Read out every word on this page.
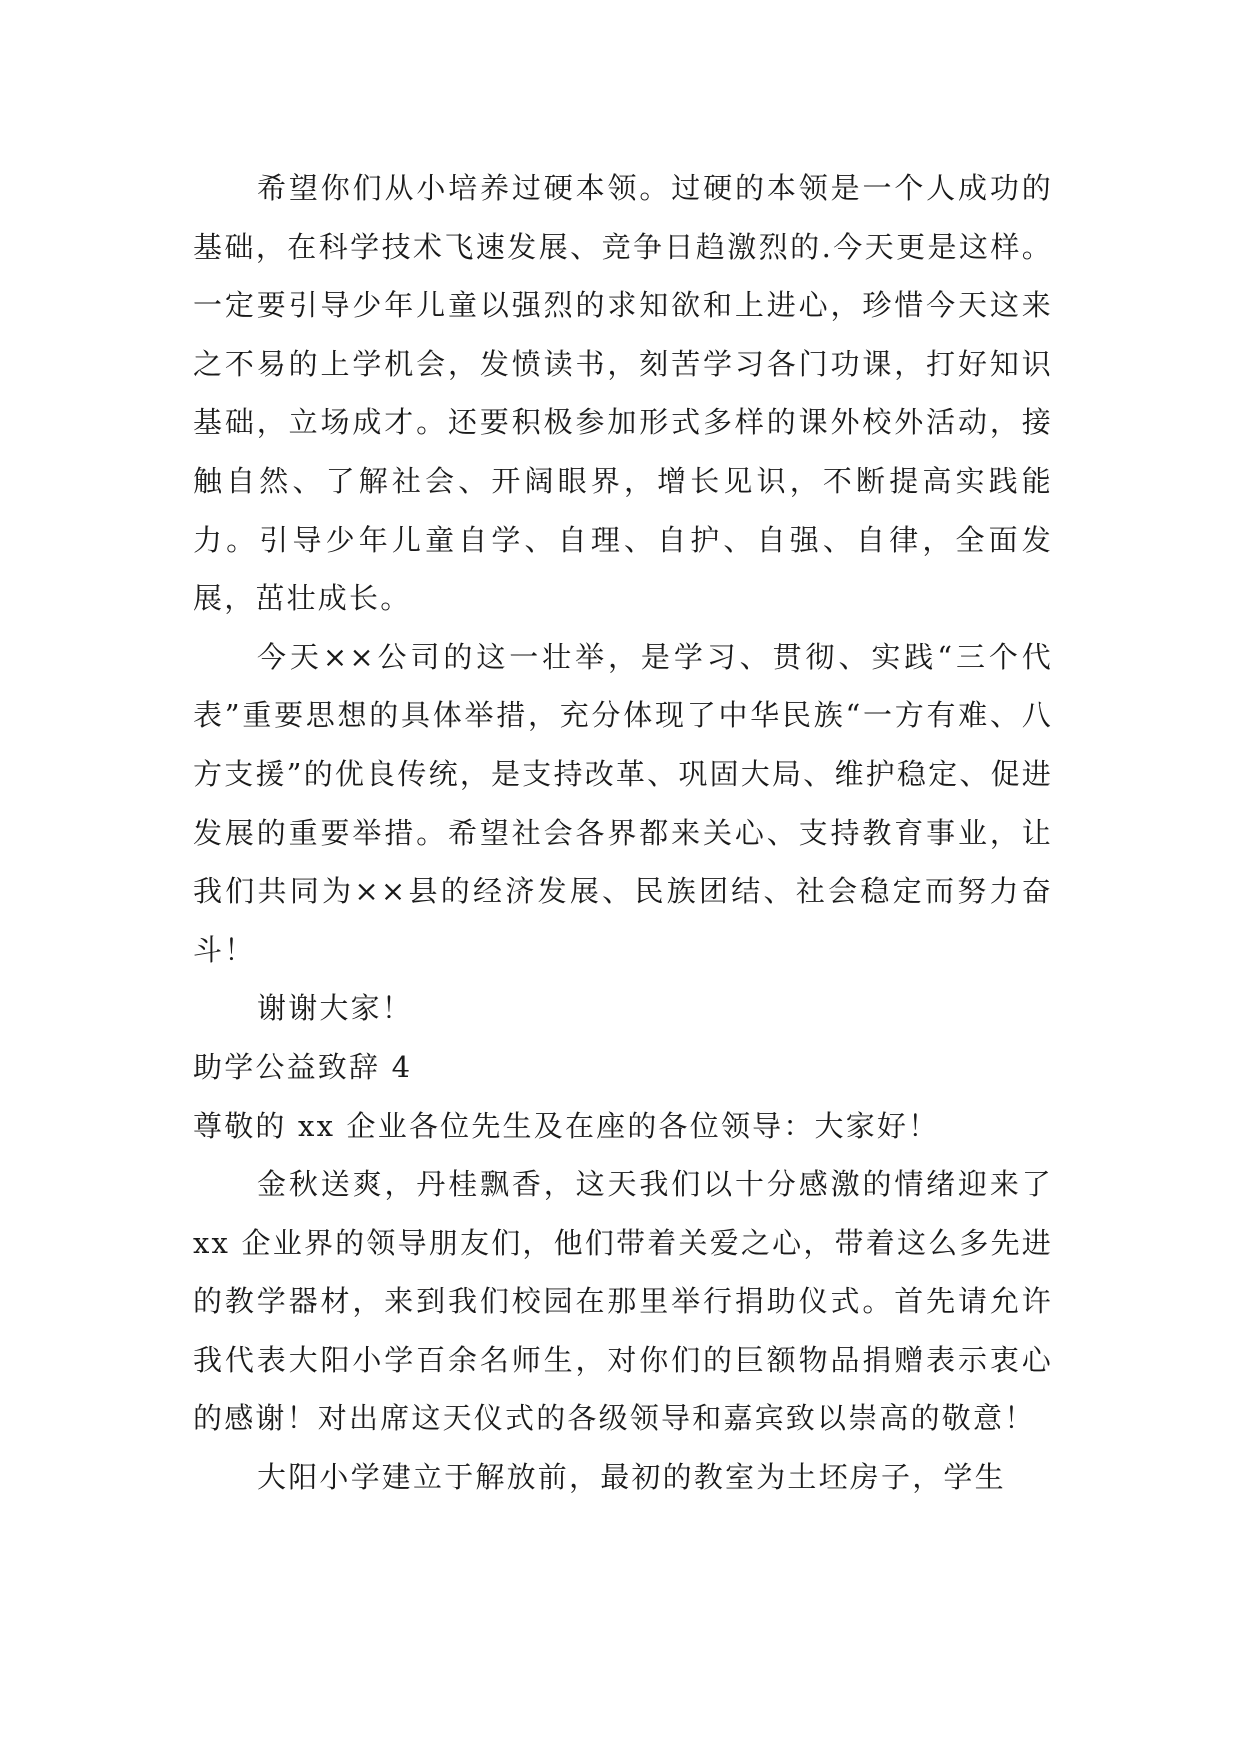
希望你们从小培养过硬本领。过硬的本领是一个人成功的基础，在科学技术飞速发展、竞争日趋激烈的.今天更是这样。一定要引导少年儿童以强烈的求知欲和上进心，珍惜今天这来之不易的上学机会，发愤读书，刻苦学习各门功课，打好知识基础，立场成才。还要积极参加形式多样的课外校外活动，接触自然、了解社会、开阔眼界，增长见识，不断提高实践能力。引导少年儿童自学、自理、自护、自强、自律，全面发展，茁壮成长。

今天××公司的这一壮举，是学习、贯彻、实践“三个代表”重要思想的具体举措，充分体现了中华民族“一方有难、八方支援”的优良传统，是支持改革、巩固大局、维护稳定、促进发展的重要举措。希望社会各界都来关心、支持教育事业，让我们共同为××县的经济发展、民族团结、社会稳定而努力奋斗！

谢谢大家！

助学公益致辞 4

尊敬的 xx 企业各位先生及在座的各位领导：大家好！

金秋送爽，丹桂飘香，这天我们以十分感激的情绪迎来了 xx 企业界的领导朋友们，他们带着关爱之心，带着这么多先进的教学器材，来到我们校园在那里举行捐助仪式。首先请允许我代表大阳小学百余名师生，对你们的巨额物品捐赠表示衷心的感谢！对出席这天仪式的各级领导和嘉宾致以崇高的敬意！

大阳小学建立于解放前，最初的教室为土坯房子，学生
